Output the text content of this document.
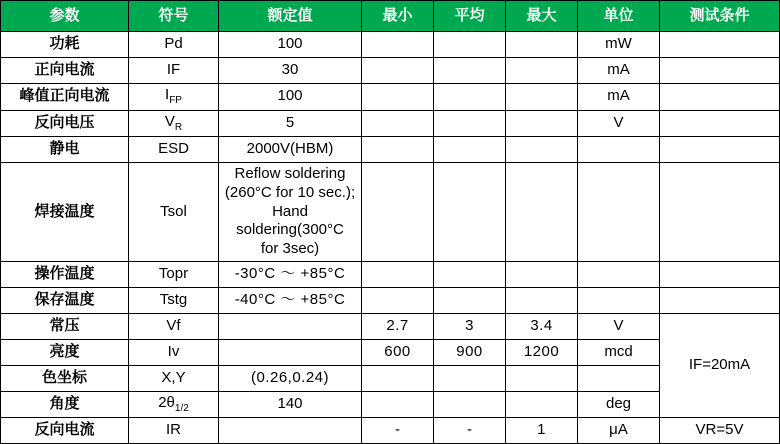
参数	符号	额定值	最小	平均	最大	单位	测试条件
功耗	Pd	100				mW	
正向电流	IF	30				mA	
峰值正向电流	$I_{FP}$	100				mA	
反向电压	$V_R$	5				V	
静电	ESD	2000V(HBM)					
焊接温度	Tsol	Reflow soldering
(260°C for 10 sec.);
Hand soldering(300°C
for 3sec)					

操作温度	Topr	-30°C ～ +85°C					
保存温度	Tstg	-40°C ～ +85°C					
常压	Vf		2.7	3	3.4	V	IF=20mA
亮度	Iv		600	900	1200	mcd	
色坐标	X,Y	(0.26,0.24)					
角度	$2\theta_{1/2}$	140				deg	
反向电流	IR		-	-	1	μA	VR=5V
